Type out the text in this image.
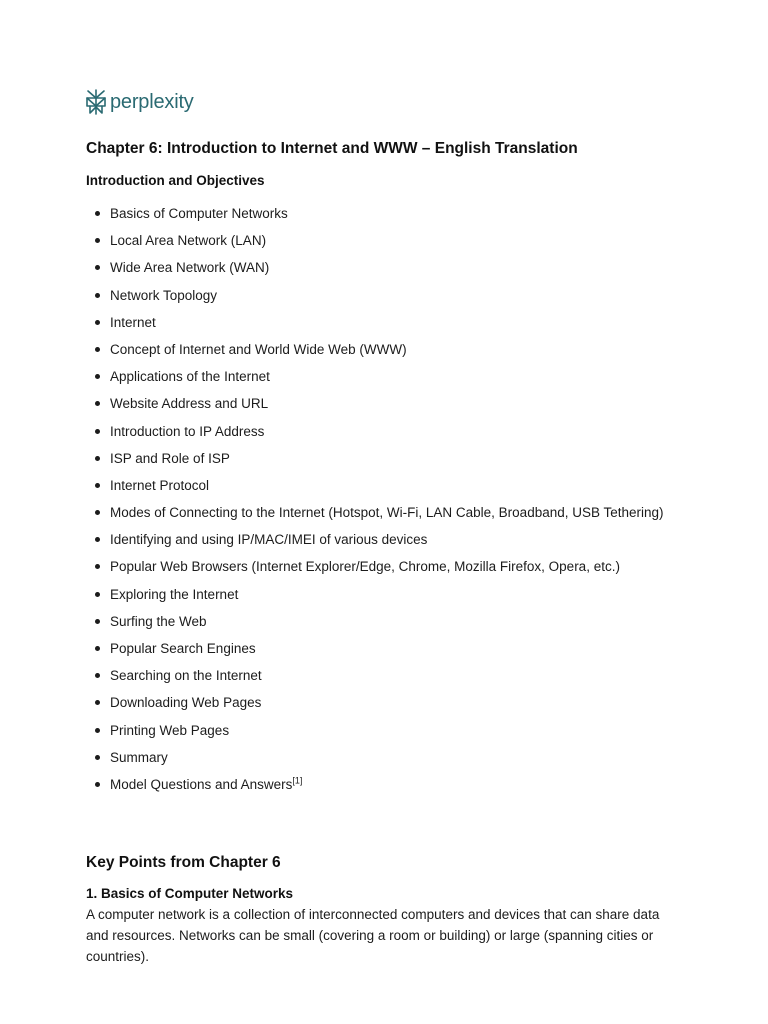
perplexity
Chapter 6: Introduction to Internet and WWW – English Translation
Introduction and Objectives
Basics of Computer Networks
Local Area Network (LAN)
Wide Area Network (WAN)
Network Topology
Internet
Concept of Internet and World Wide Web (WWW)
Applications of the Internet
Website Address and URL
Introduction to IP Address
ISP and Role of ISP
Internet Protocol
Modes of Connecting to the Internet (Hotspot, Wi-Fi, LAN Cable, Broadband, USB Tethering)
Identifying and using IP/MAC/IMEI of various devices
Popular Web Browsers (Internet Explorer/Edge, Chrome, Mozilla Firefox, Opera, etc.)
Exploring the Internet
Surfing the Web
Popular Search Engines
Searching on the Internet
Downloading Web Pages
Printing Web Pages
Summary
Model Questions and Answers[1]
Key Points from Chapter 6
1. Basics of Computer Networks

A computer network is a collection of interconnected computers and devices that can share data and resources. Networks can be small (covering a room or building) or large (spanning cities or countries).
